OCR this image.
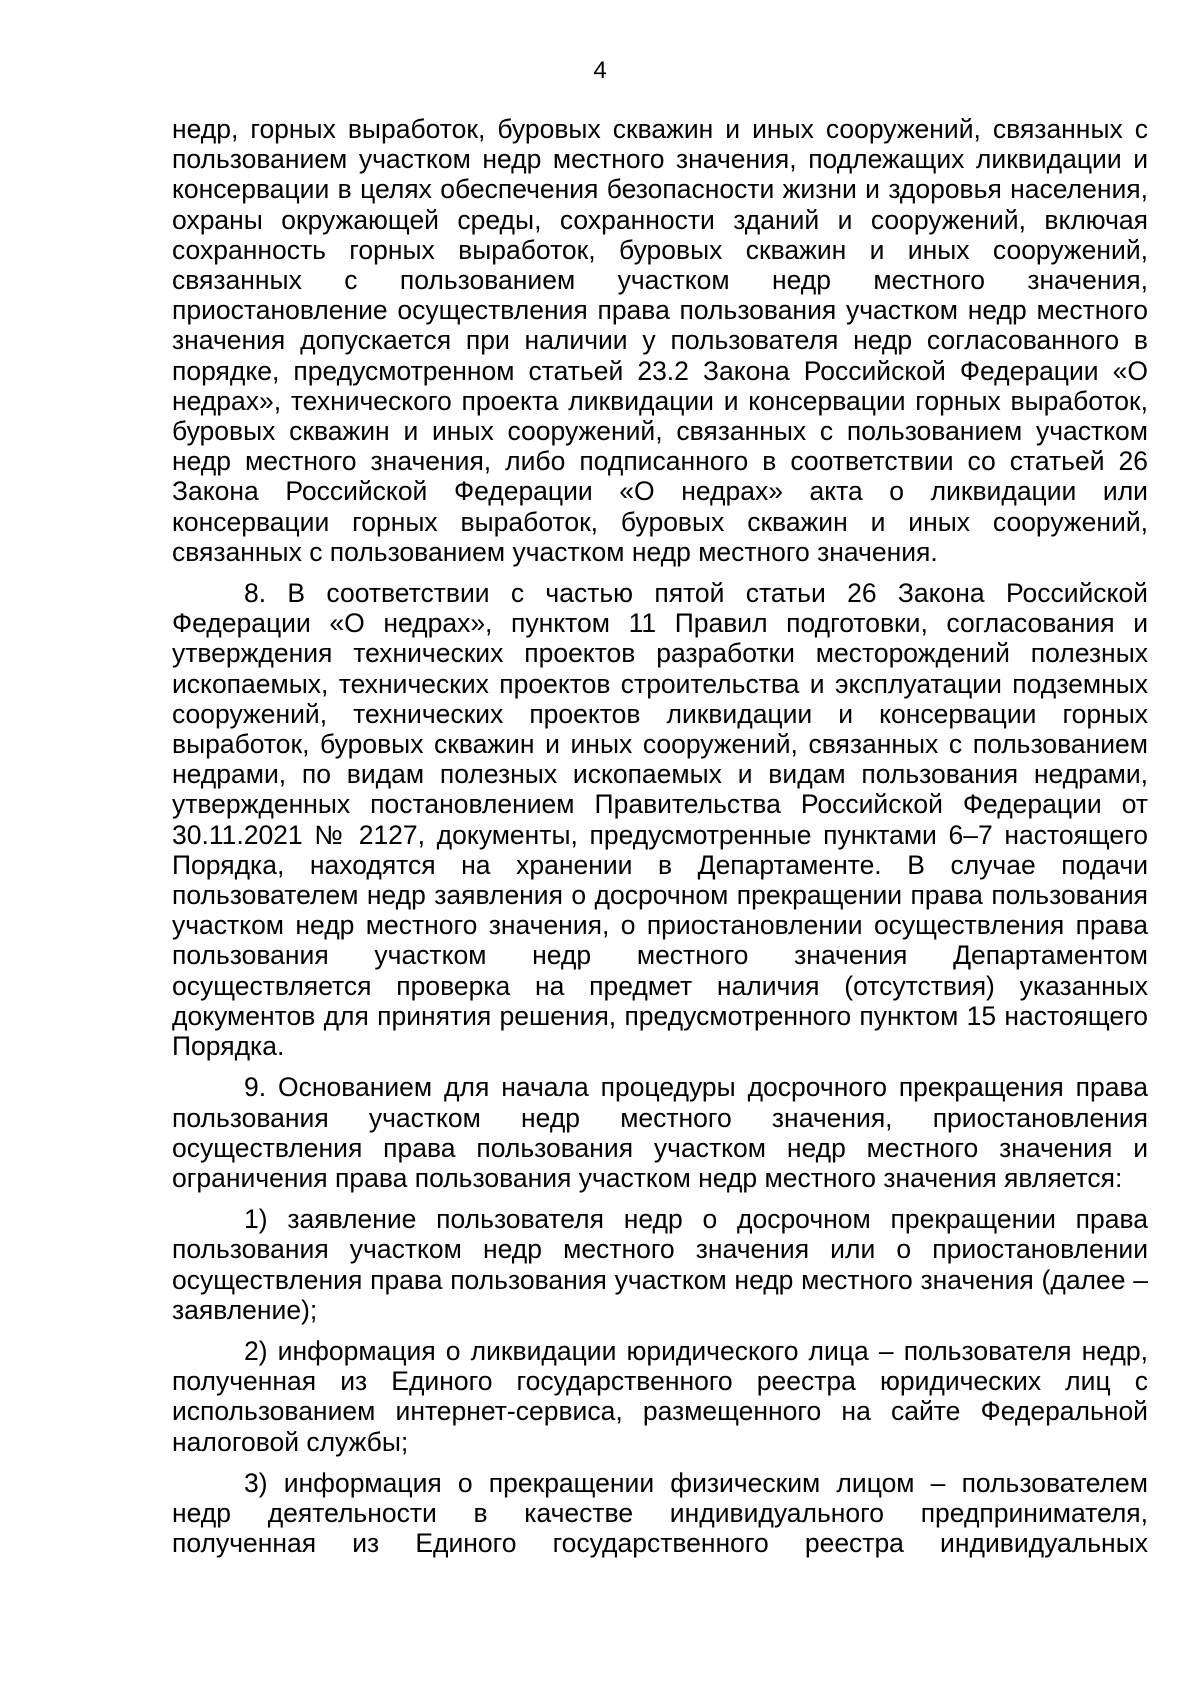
4

недр, горных выработок, буровых скважин и иных сооружений, связанных с пользованием участком недр местного значения, подлежащих ликвидации и консервации в целях обеспечения безопасности жизни и здоровья населения, охраны окружающей среды, сохранности зданий и сооружений, включая сохранность горных выработок, буровых скважин и иных сооружений, связанных с пользованием участком недр местного значения, приостановление осуществления права пользования участком недр местного значения допускается при наличии у пользователя недр согласованного в порядке, предусмотренном статьей 23.2 Закона Российской Федерации «О недрах», технического проекта ликвидации и консервации горных выработок, буровых скважин и иных сооружений, связанных с пользованием участком недр местного значения, либо подписанного в соответствии со статьей 26 Закона Российской Федерации «О недрах» акта о ликвидации или консервации горных выработок, буровых скважин и иных сооружений, связанных с пользованием участком недр местного значения.

8. В соответствии с частью пятой статьи 26 Закона Российской Федерации «О недрах», пунктом 11 Правил подготовки, согласования и утверждения технических проектов разработки месторождений полезных ископаемых, технических проектов строительства и эксплуатации подземных сооружений, технических проектов ликвидации и консервации горных выработок, буровых скважин и иных сооружений, связанных с пользованием недрами, по видам полезных ископаемых и видам пользования недрами, утвержденных постановлением Правительства Российской Федерации от 30.11.2021 № 2127, документы, предусмотренные пунктами 6–7 настоящего Порядка, находятся на хранении в Департаменте. В случае подачи пользователем недр заявления о досрочном прекращении права пользования участком недр местного значения, о приостановлении осуществления права пользования участком недр местного значения Департаментом осуществляется проверка на предмет наличия (отсутствия) указанных документов для принятия решения, предусмотренного пунктом 15 настоящего Порядка.

9. Основанием для начала процедуры досрочного прекращения права пользования участком недр местного значения, приостановления осуществления права пользования участком недр местного значения и ограничения права пользования участком недр местного значения является:

1) заявление пользователя недр о досрочном прекращении права пользования участком недр местного значения или о приостановлении осуществления права пользования участком недр местного значения (далее – заявление);

2) информация о ликвидации юридического лица – пользователя недр, полученная из Единого государственного реестра юридических лиц с использованием интернет-сервиса, размещенного на сайте Федеральной налоговой службы;

3) информация о прекращении физическим лицом – пользователем недр деятельности в качестве индивидуального предпринимателя, полученная из Единого государственного реестра индивидуальных
